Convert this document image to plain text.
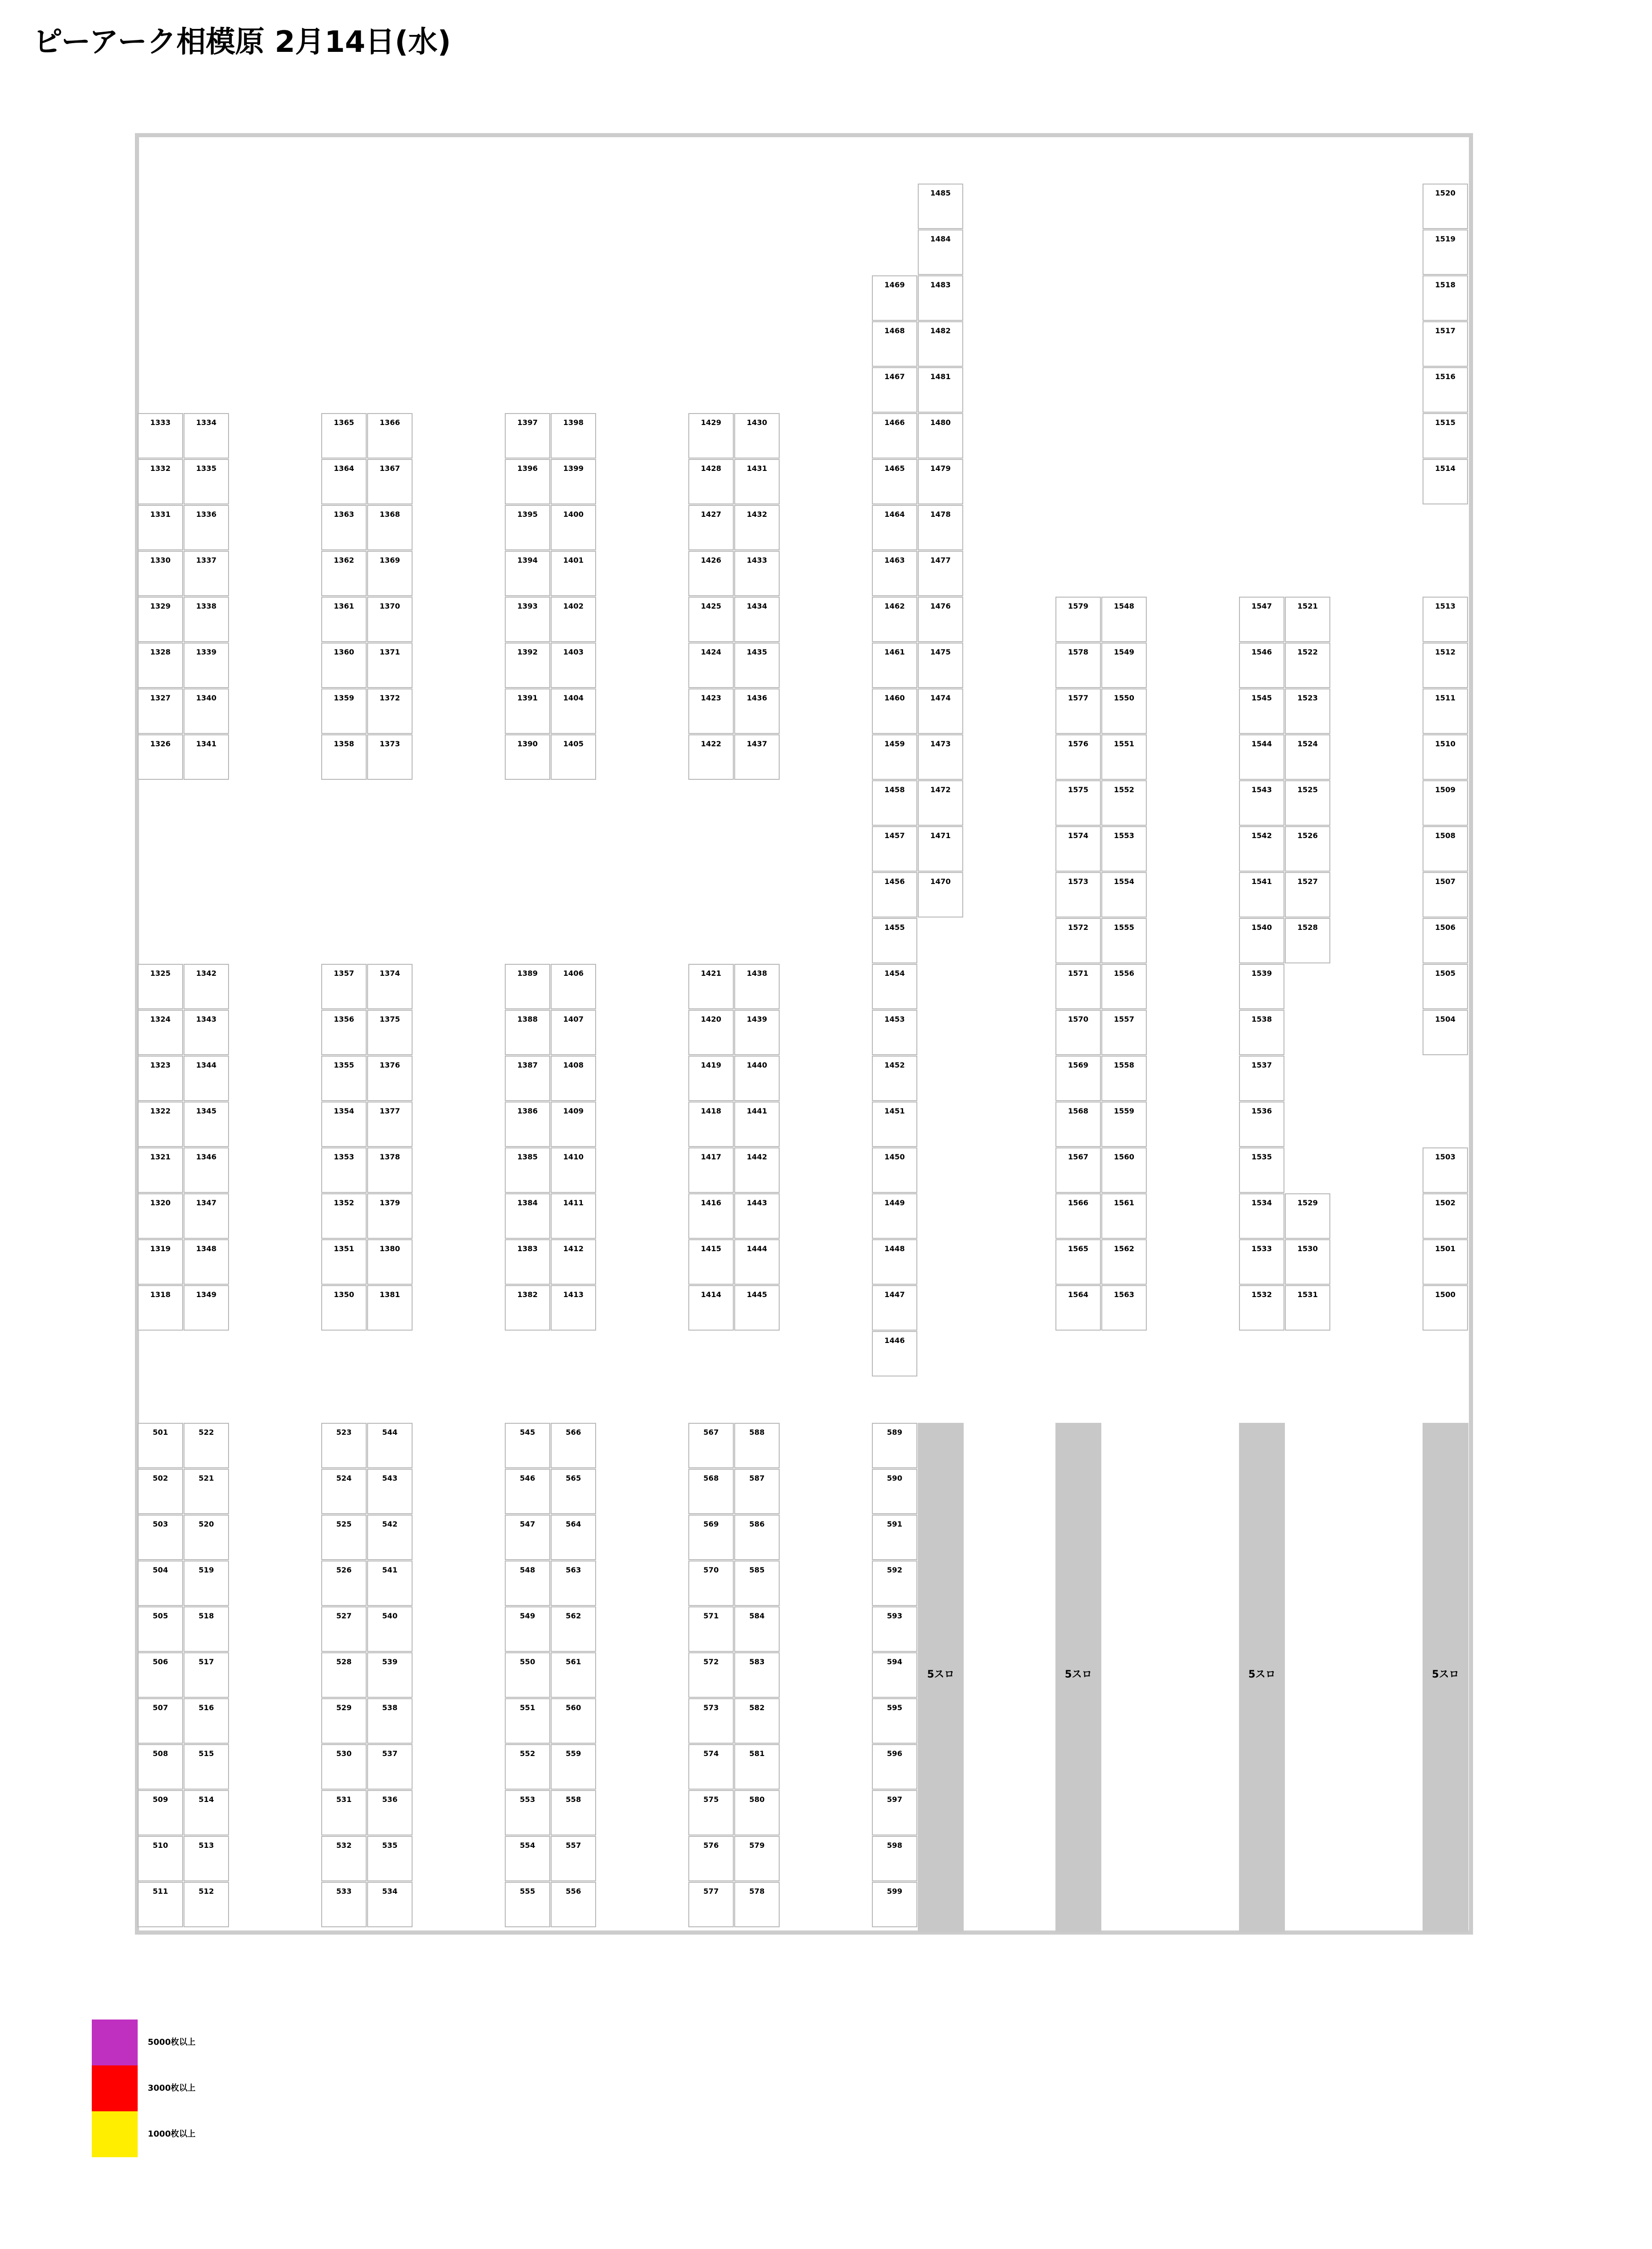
ピーアーク相模原 2月14日(水)
1333
1332
1331
1330
1329
1328
1327
1326
1334
1335
1336
1337
1338
1339
1340
1341
1365
1364
1363
1362
1361
1360
1359
1358
1366
1367
1368
1369
1370
1371
1372
1373
1397
1396
1395
1394
1393
1392
1391
1390
1398
1399
1400
1401
1402
1403
1404
1405
1429
1428
1427
1426
1425
1424
1423
1422
1430
1431
1432
1433
1434
1435
1436
1437
1469
1468
1467
1466
1465
1464
1463
1462
1461
1460
1459
1458
1457
1456
1455
1454
1453
1452
1451
1450
1449
1448
1447
1446
1485
1484
1483
1482
1481
1480
1479
1478
1477
1476
1475
1474
1473
1472
1471
1470
1520
1519
1518
1517
1516
1515
1514
1579
1578
1577
1576
1575
1574
1573
1572
1571
1570
1569
1568
1567
1566
1565
1564
1548
1549
1550
1551
1552
1553
1554
1555
1556
1557
1558
1559
1560
1561
1562
1563
1547
1546
1545
1544
1543
1542
1541
1540
1539
1538
1537
1536
1535
1534
1533
1532
1521
1522
1523
1524
1525
1526
1527
1528
1529
1530
1531
1513
1512
1511
1510
1509
1508
1507
1506
1505
1504
1503
1502
1501
1500
1325
1324
1323
1322
1321
1320
1319
1318
1342
1343
1344
1345
1346
1347
1348
1349
1357
1356
1355
1354
1353
1352
1351
1350
1374
1375
1376
1377
1378
1379
1380
1381
1389
1388
1387
1386
1385
1384
1383
1382
1406
1407
1408
1409
1410
1411
1412
1413
1421
1420
1419
1418
1417
1416
1415
1414
1438
1439
1440
1441
1442
1443
1444
1445
501
502
503
504
505
506
507
508
509
510
511
522
521
520
519
518
517
516
515
514
513
512
523
524
525
526
527
528
529
530
531
532
533
544
543
542
541
540
539
538
537
536
535
534
545
546
547
548
549
550
551
552
553
554
555
566
565
564
563
562
561
560
559
558
557
556
567
568
569
570
571
572
573
574
575
576
577
588
587
586
585
584
583
582
581
580
579
578
589
590
591
592
593
594
595
596
597
598
599
5スロ	5スロ	5スロ	5スロ
5000枚以上
3000枚以上
1000枚以上
